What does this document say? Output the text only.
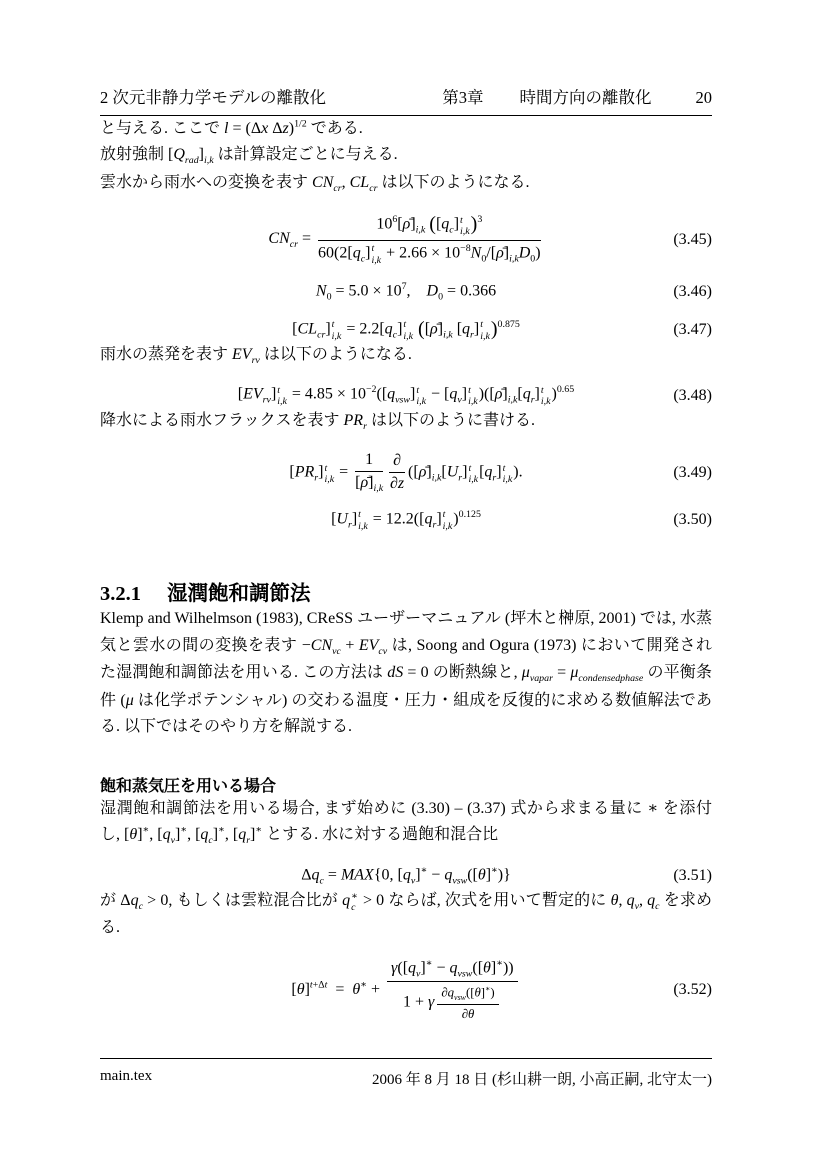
2 次元非静力学モデルの離散化	第3章 時間方向の離散化	20

と与える. ここで l = (Δx Δz)$^{1/2}$ である.

放射強制 $[Q_{rad}]_{i,k}$ は計算設定ごとに与える.

雲水から雨水への変換を表す $CN_{cr}$, $CL_{cr}$ は以下のようになる.

$CN_{cr}$ = $10^6[\rhō]_{i,k}$ ($[q_c]$ t
i,k )$^3$
$60(2[q_c]$ t
$i,k + 2.66 \times 10^{-8}N_0/[\rhō]_{i,k}D_0$)	(3.45)
$N_0 = 5.0 \times 10^7$,    $D_0 = 0.366$	(3.46)
$[CL_{cr}]$ t
$i,k = 2.2[q_c]$ t
i,k ($[\rhō]_{i,k}$ $[q_r]$ t
i,k )$^{0.875}$	(3.47)

雨水の蒸発を表す $EV_{rv}$ は以下のようになる.

$[EV_{rv}]$ t
$i,k = 4.85 \times 10^{-2}([q_{vsw}]$ t
$i,k - [q_v]$ t
i,k )($[\rhō]_{i,k}[q_r]$ t
i,k )$^{0.65}$	(3.48)

降水による雨水フラックスを表す $PR_r$ は以下のように書ける.

$[PR_r]$ t
$i,k = \frac{1}{[\rhō]_{i,k}}$ ∂
∂z
($[\rhō]_{i,k}[U_r]$ t
i,k $[q_r]$ t
i,k ).	(3.49)
$[U_r]$ t
$i,k = 12.2([q_r]$ t
i,k )$^{0.125}$	(3.50)
3.2.1 湿潤飽和調節法

Klemp and Wilhelmson (1983), CReSS ユーザーマニュアル (坪木と榊原, 2001) では, 水蒸気と雲水の間の変換を表す $-CN_{vc} + EV_{cv}$ は, Soong and Ogura (1973) において開発された湿潤飽和調節法を用いる. この方法は dS = 0 の断熱線と, $\mu_{vapar} = \mu_{condensedphase}$ の平衡条件 (μ は化学ポテンシャル) の交わる温度・圧力・組成を反復的に求める数値解法である. 以下ではそのやり方を解説する.

飽和蒸気圧を用いる場合

湿潤飽和調節法を用いる場合, まず始めに (3.30) – (3.37) 式から求まる量に ∗ を添付し, [θ]∗, $[q_v]^∗$, $[q_c]^∗$, $[q_r]^∗$ とする. 水に対する過飽和混合比

$\Delta q_c = MAX\{0$, $[q_v]^∗ - q_{vsw}([\theta]^∗)$}	(3.51)

が $\Delta q_c > 0$, もしくは雲粒混合比が q ∗
c > 0 ならば, 次式を用いて暫定的に θ, $q_v$, $q_c$ を求める.

$[\theta]^{t+\Delta t} = \theta^∗$ +
$\gamma([q_v]^∗ - q_{vsw}([\theta]^∗))$
1 + γ
$\partial q_{vsw}([\theta]^∗)$
∂θ
(3.52)
main.tex	2006 年 8 月 18 日 (杉山耕一朗, 小高正嗣, 北守太一)
